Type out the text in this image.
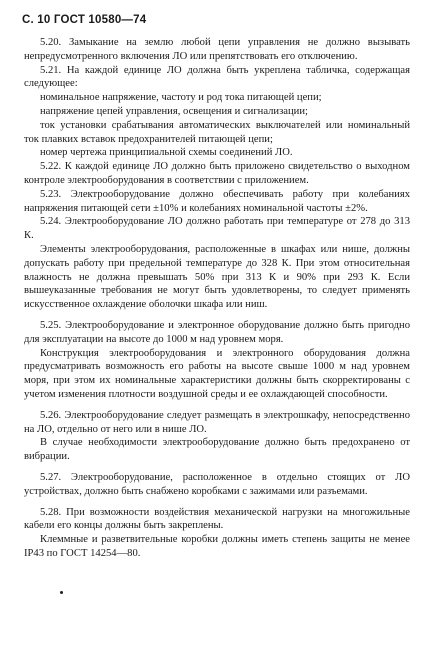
С. 10 ГОСТ 10580—74

5.20. Замыкание на землю любой цепи управления не должно вызывать непредусмотренного включения ЛО или препятствовать его отключению.

5.21. На каждой единице ЛО должна быть укреплена табличка, содержащая следующее:

номинальное напряжение, частоту и род тока питающей цепи;

напряжение цепей управления, освещения и сигнализации;

ток установки срабатывания автоматических выключателей или номинальный ток плавких вставок предохранителей питающей цепи;

номер чертежа принципиальной схемы соединений ЛО.

5.22. К каждой единице ЛО должно быть приложено свидетельство о выходном контроле электрооборудования в соответствии с приложением.

5.23. Электрооборудование должно обеспечивать работу при колебаниях напряжения питающей сети ±10% и колебаниях номинальной частоты ±2%.

5.24. Электрооборудование ЛО должно работать при температуре от 278 до 313 К.

Элементы электрооборудования, расположенные в шкафах или нише, должны допускать работу при предельной температуре до 328 К. При этом относительная влажность не должна превышать 50% при 313 К и 90% при 293 К. Если вышеуказанные требования не могут быть удовлетворены, то следует применять искусственное охлаждение оболочки шкафа или ниш.

5.25. Электрооборудование и электронное оборудование должно быть пригодно для эксплуатации на высоте до 1000 м над уровнем моря.

Конструкция электрооборудования и электронного оборудования должна предусматривать возможность его работы на высоте свыше 1000 м над уровнем моря, при этом их номинальные характеристики должны быть скорректированы с учетом изменения плотности воздушной среды и ее охлаждающей способности.

5.26. Электрооборудование следует размещать в электрошкафу, непосредственно на ЛО, отдельно от него или в нише ЛО.

В случае необходимости электрооборудование должно быть предохранено от вибрации.

5.27. Электрооборудование, расположенное в отдельно стоящих от ЛО устройствах, должно быть снабжено коробками с зажимами или разъемами.

5.28. При возможности воздействия механической нагрузки на многожильные кабели его концы должны быть закреплены.

Клеммные и разветвительные коробки должны иметь степень защиты не менее IP43 по ГОСТ 14254—80.
